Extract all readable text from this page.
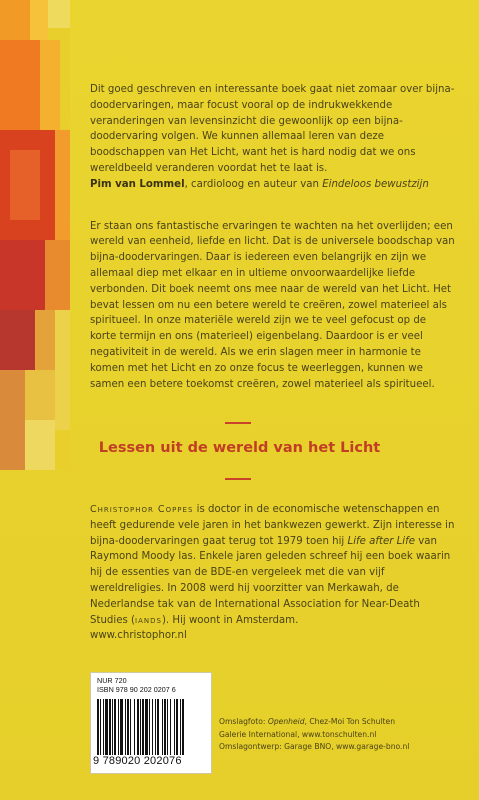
Dit goed geschreven en interessante boek gaat niet zomaar over bijna-doodervaringen, maar focust vooral op de indrukwekkende veranderingen van levensinzicht die gewoonlijk op een bijna-doodervaring volgen. We kunnen allemaal leren van deze boodschappen van Het Licht, want het is hard nodig dat we ons wereldbeeld veranderen voordat het te laat is.

Pim van Lommel, cardioloog en auteur van Eindeloos bewustzijn

Er staan ons fantastische ervaringen te wachten na het overlijden; een wereld van eenheid, liefde en licht. Dat is de universele boodschap van bijna-doodervaringen. Daar is iedereen even belangrijk en zijn we allemaal diep met elkaar en in ultieme onvoorwaardelijke liefde verbonden. Dit boek neemt ons mee naar de wereld van het Licht. Het bevat lessen om nu een betere wereld te creëren, zowel materieel als spiritueel. In onze materiële wereld zijn we te veel gefocust op de korte termijn en ons (materieel) eigenbelang. Daardoor is er veel negativiteit in de wereld. Als we erin slagen meer in harmonie te komen met het Licht en zo onze focus te weerleggen, kunnen we samen een betere toekomst creëren, zowel materieel als spiritueel.

Lessen uit de wereld van het Licht

Christophor Coppes is doctor in de economische wetenschappen en heeft gedurende vele jaren in het bankwezen gewerkt. Zijn interesse in bijna-doodervaringen gaat terug tot 1979 toen hij Life after Life van Raymond Moody las. Enkele jaren geleden schreef hij een boek waarin hij de essenties van de BDE-en vergeleek met die van vijf wereldreligies. In 2008 werd hij voorzitter van Merkawah, de Nederlandse tak van de International Association for Near-Death Studies (iands). Hij woont in Amsterdam.

www.christophor.nl

NUR 720
ISBN 978 90 202 0207 6
9 789020 202076

Omslagfoto: Openheid, Chez-Moi Ton Schulten

Galerie International, www.tonschulten.nl

Omslagontwerp: Garage BNO, www.garage-bno.nl
